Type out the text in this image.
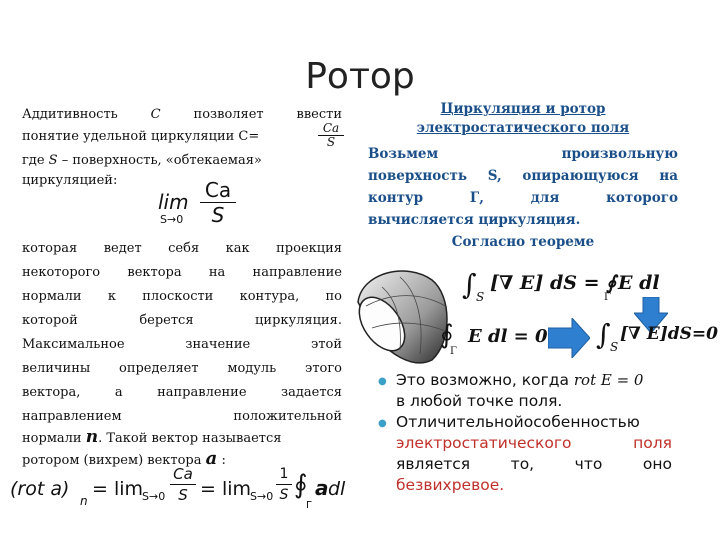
Ротор
Аддитивность	С	позволяет	ввести
понятие удельной циркуляции С=	$\frac{Ca}{S}$
где S – поверхность, «обтекаемая»
циркуляцией:
lim
$S\to 0 \frac{Ca}{S}$
которая ведет себя как проекция
некоторого вектора на направление
нормали к плоскости контура, по
которой берется циркуляция.
Максимальное значение этой
величины определяет модуль этого
вектора, а направление задается
направлением положительной
нормали n. Такой вектор называется
ротором (вихрем) вектора a :
(rot a)
n
= lim
$S\to 0 \frac{Ca}{S} = \lim$
$S\to 0 \frac{1}{S}$ ∮
Γ
a dl
Циркуляция и ротор
электростатического поля
Возьмем произвольную
поверхность S, опирающуюся на
контур Г, для которого
вычисляется циркуляция.
Согласно теореме
∫ S
[∇ E] dS = ∮
Γ
E dl
∮
Γ
E dl = 0 ∫ S
[∇ E]dS=0
● Это возможно, когда rot E = 0
в любой точке поля.
● Отличительнойособенностью
электростатического поля
является то, что оно
безвихревое.
